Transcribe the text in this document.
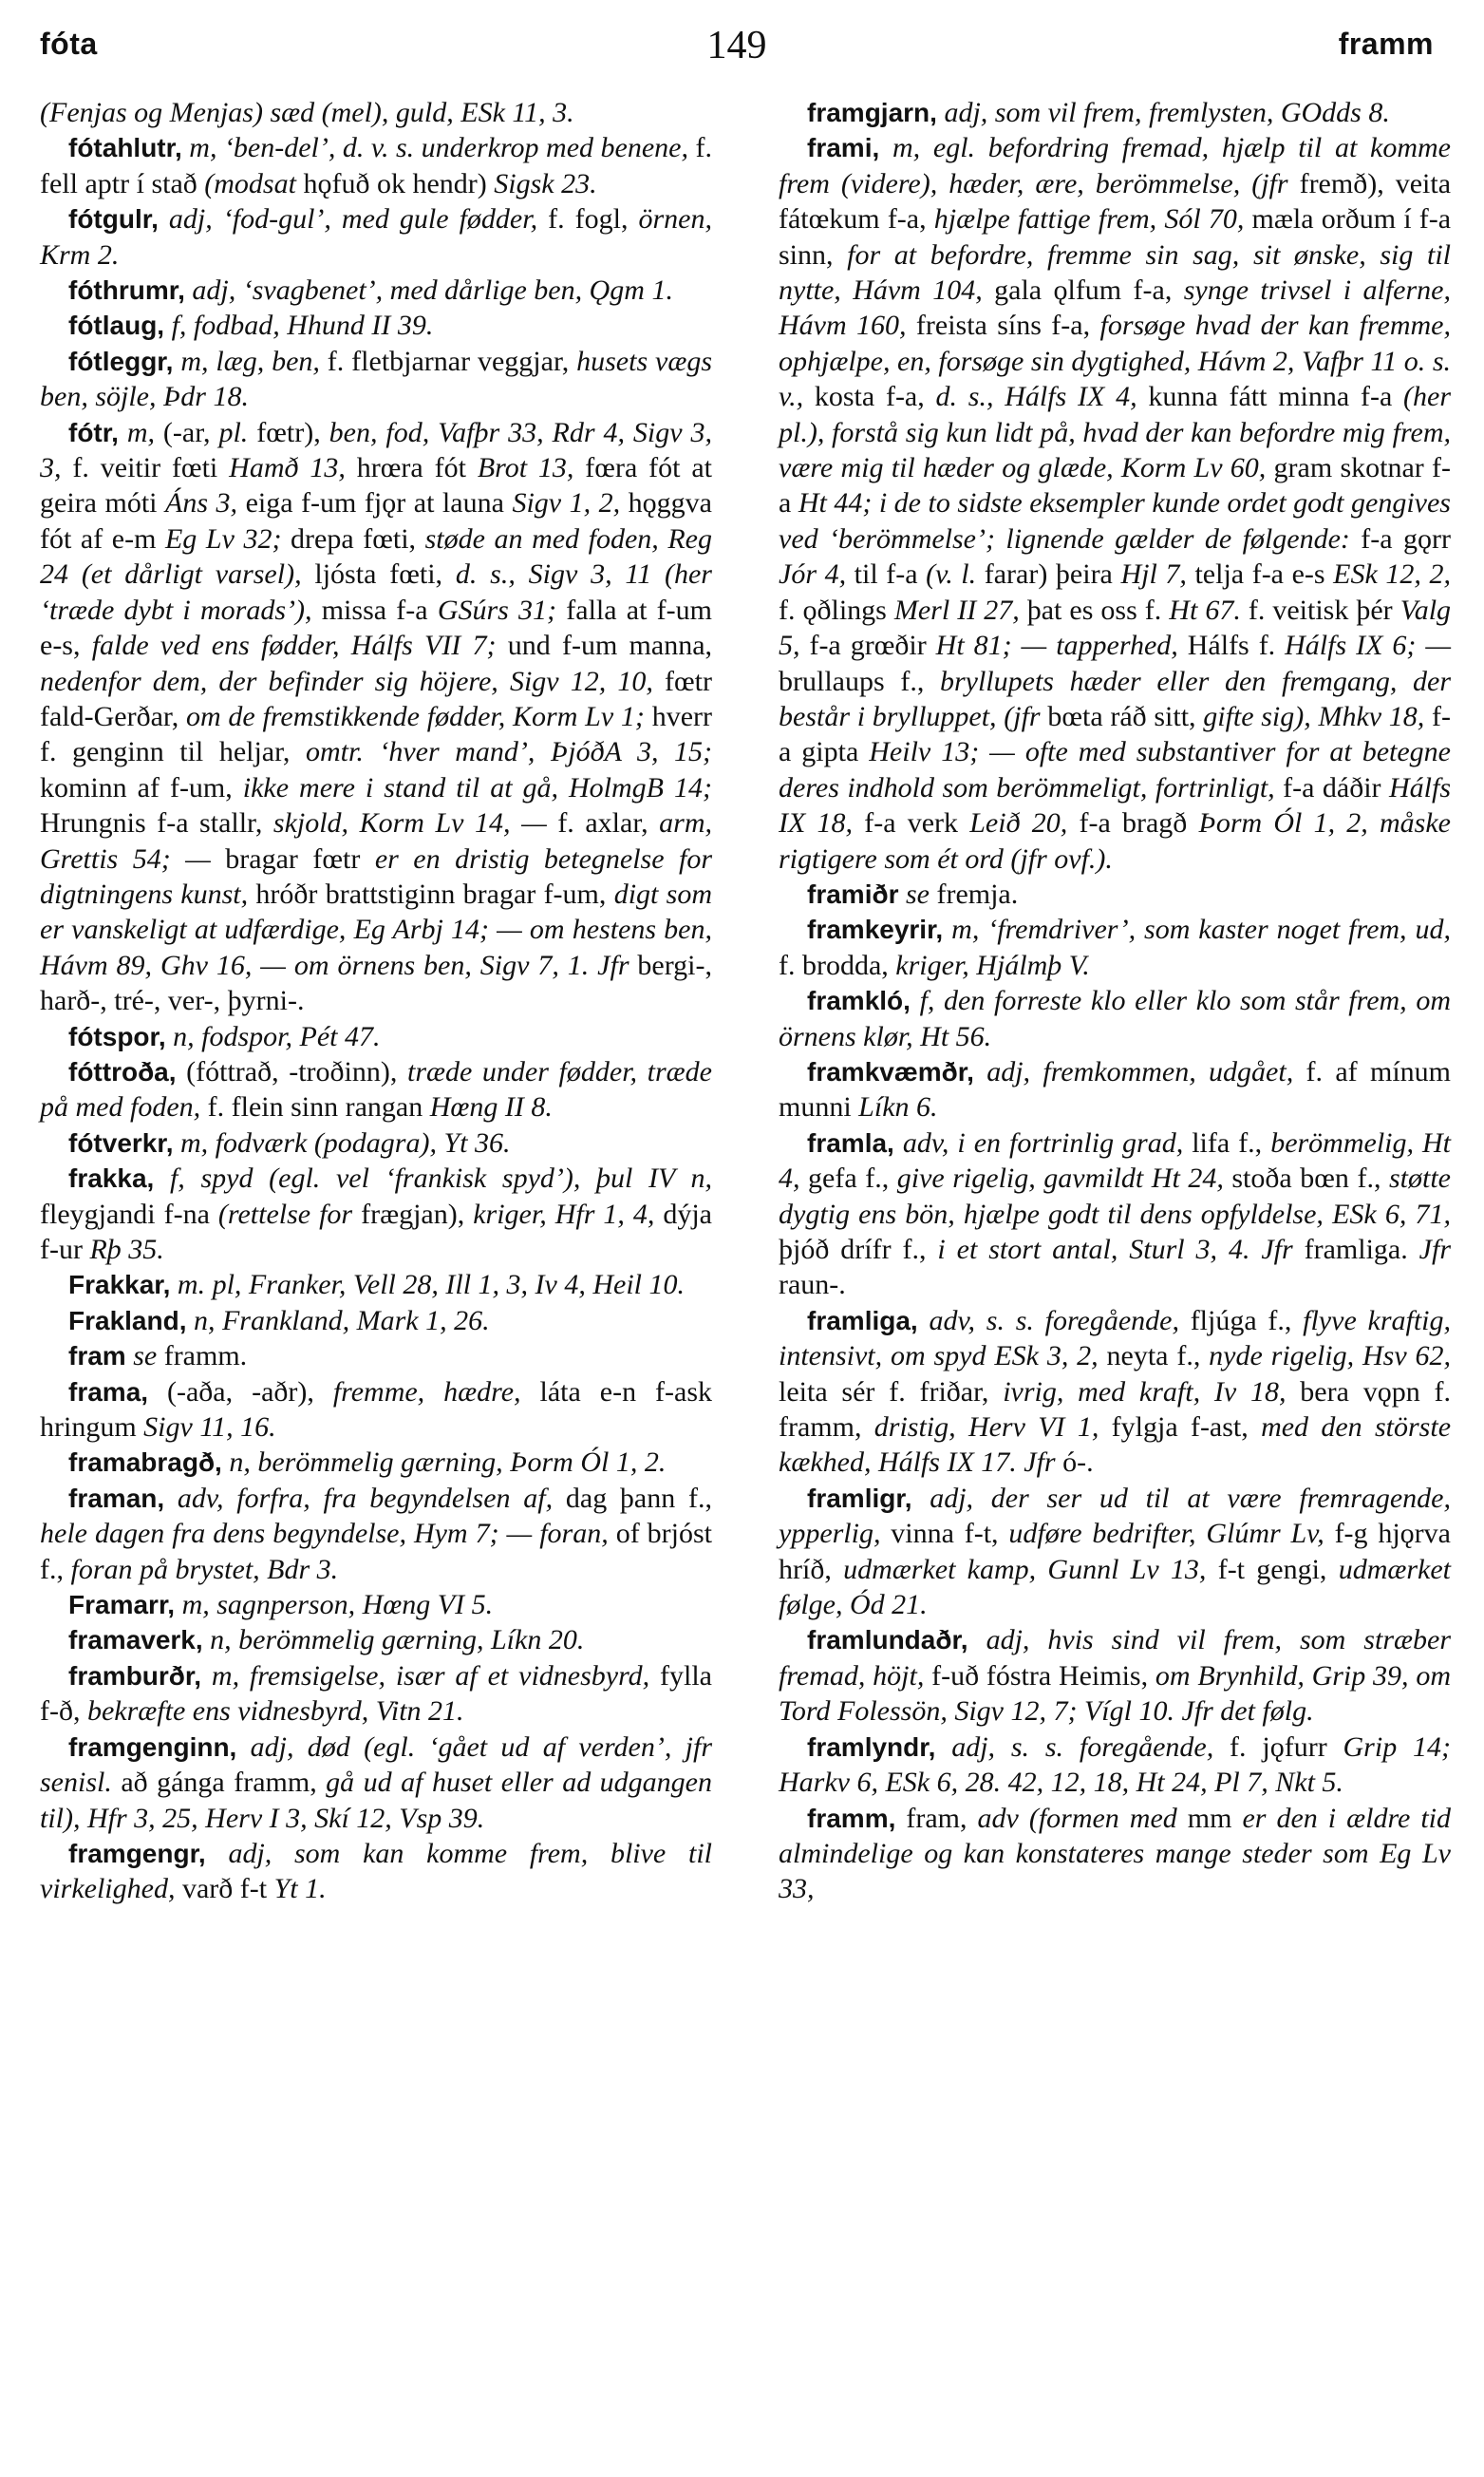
fóta	149	framm

(Fenjas og Menjas) sæd (mel), guld, ESk 11, 3.

fótahlutr, m, ‘ben-del’, d. v. s. underkrop med benene, f. fell aptr í stað (modsat hǫfuð ok hendr) Sigsk 23.

fótgulr, adj, ‘fod-gul’, med gule fødder, f. fogl, örnen, Krm 2.

fóthrumr, adj, ‘svagbenet’, med dårlige ben, Ǫgm 1.

fótlaug, f, fodbad, Hhund II 39.

fótleggr, m, læg, ben, f. fletbjarnar veggjar, husets vægs ben, söjle, Þdr 18.

fótr, m, (-ar, pl. fœtr), ben, fod, Vafþr 33, Rdr 4, Sigv 3, 3, f. veitir fœti Hamð 13, hrœra fót Brot 13, fœra fót at geira móti Áns 3, eiga f-um fjǫr at launa Sigv 1, 2, hǫggva fót af e-m Eg Lv 32; drepa fœti, støde an med foden, Reg 24 (et dårligt varsel), ljósta fœti, d. s., Sigv 3, 11 (her ‘træde dybt i morads’), missa f-a GSúrs 31; falla at f-um e-s, falde ved ens fødder, Hálfs VII 7; und f-um manna, nedenfor dem, der befinder sig höjere, Sigv 12, 10, fœtr fald-Gerðar, om de fremstikkende fødder, Korm Lv 1; hverr f. genginn til heljar, omtr. ‘hver mand’, ÞjóðA 3, 15; kominn af f-um, ikke mere i stand til at gå, HolmgB 14; Hrungnis f-a stallr, skjold, Korm Lv 14, — f. axlar, arm, Grettis 54; — bragar fœtr er en dristig betegnelse for digtningens kunst, hróðr brattstiginn bragar f-um, digt som er vanskeligt at udfærdige, Eg Arbj 14; — om hestens ben, Hávm 89, Ghv 16, — om örnens ben, Sigv 7, 1. Jfr bergi-, harð-, tré-, ver-, þyrni-.

fótspor, n, fodspor, Pét 47.

fóttroða, (fóttrað, -troðinn), træde under fødder, træde på med foden, f. flein sinn rangan Hœng II 8.

fótverkr, m, fodværk (podagra), Yt 36.

frakka, f, spyd (egl. vel ‘frankisk spyd’), þul IV n, fleygjandi f-na (rettelse for frægjan), kriger, Hfr 1, 4, dýja f-ur Rþ 35.

Frakkar, m. pl, Franker, Vell 28, Ill 1, 3, Iv 4, Heil 10.

Frakland, n, Frankland, Mark 1, 26.

fram se framm.

frama, (-aða, -aðr), fremme, hædre, láta e-n f-ask hringum Sigv 11, 16.

framabragð, n, berömmelig gærning, Þorm Ól 1, 2.

framan, adv, forfra, fra begyndelsen af, dag þann f., hele dagen fra dens begyndelse, Hym 7; — foran, of brjóst f., foran på brystet, Bdr 3.

Framarr, m, sagnperson, Hœng VI 5.

framaverk, n, berömmelig gærning, Líkn 20.

framburðr, m, fremsigelse, især af et vidnesbyrd, fylla f-ð, bekræfte ens vidnesbyrd, Vitn 21.

framgenginn, adj, død (egl. ‘gået ud af verden’, jfr senisl. að gánga framm, gå ud af huset eller ad udgangen til), Hfr 3, 25, Herv I 3, Skí 12, Vsp 39.

framgengr, adj, som kan komme frem, blive til virkelighed, varð f-t Yt 1.

framgjarn, adj, som vil frem, fremlysten, GOdds 8.

frami, m, egl. befordring fremad, hjælp til at komme frem (videre), hæder, ære, berömmelse, (jfr fremð), veita fátœkum f-a, hjælpe fattige frem, Sól 70, mæla orðum í f-a sinn, for at befordre, fremme sin sag, sit ønske, sig til nytte, Hávm 104, gala ǫlfum f-a, synge trivsel i alferne, Hávm 160, freista síns f-a, forsøge hvad der kan fremme, ophjælpe, en, forsøge sin dygtighed, Hávm 2, Vafþr 11 o. s. v., kosta f-a, d. s., Hálfs IX 4, kunna fátt minna f-a (her pl.), forstå sig kun lidt på, hvad der kan befordre mig frem, være mig til hæder og glæde, Korm Lv 60, gram skotnar f-a Ht 44; i de to sidste eksempler kunde ordet godt gengives ved ‘berömmelse’; lignende gælder de følgende: f-a gǫrr Jór 4, til f-a (v. l. farar) þeira Hjl 7, telja f-a e-s ESk 12, 2, f. ǫðlings Merl II 27, þat es oss f. Ht 67. f. veitisk þér Valg 5, f-a grœðir Ht 81; — tapperhed, Hálfs f. Hálfs IX 6; — brullaups f., bryllupets hæder eller den fremgang, der består i brylluppet, (jfr bœta ráð sitt, gifte sig), Mhkv 18, f-a gipta Heilv 13; — ofte med substantiver for at betegne deres indhold som berömmeligt, fortrinligt, f-a dáðir Hálfs IX 18, f-a verk Leið 20, f-a bragð Þorm Ól 1, 2, måske rigtigere som ét ord (jfr ovf.).

framiðr se fremja.

framkeyrir, m, ‘fremdriver’, som kaster noget frem, ud, f. brodda, kriger, Hjálmþ V.

framkló, f, den forreste klo eller klo som står frem, om örnens klør, Ht 56.

framkvæmðr, adj, fremkommen, udgået, f. af mínum munni Líkn 6.

framla, adv, i en fortrinlig grad, lifa f., berömmelig, Ht 4, gefa f., give rigelig, gavmildt Ht 24, stoða bœn f., støtte dygtig ens bön, hjælpe godt til dens opfyldelse, ESk 6, 71, þjóð drífr f., i et stort antal, Sturl 3, 4. Jfr framliga. Jfr raun-.

framliga, adv, s. s. foregående, fljúga f., flyve kraftig, intensivt, om spyd ESk 3, 2, neyta f., nyde rigelig, Hsv 62, leita sér f. friðar, ivrig, med kraft, Iv 18, bera vǫpn f. framm, dristig, Herv VI 1, fylgja f-ast, med den störste kækhed, Hálfs IX 17. Jfr ó-.

framligr, adj, der ser ud til at være fremragende, ypperlig, vinna f-t, udføre bedrifter, Glúmr Lv, f-g hjǫrva hríð, udmærket kamp, Gunnl Lv 13, f-t gengi, udmærket følge, Ód 21.

framlundaðr, adj, hvis sind vil frem, som stræber fremad, höjt, f-uð fóstra Heimis, om Brynhild, Grip 39, om Tord Folessön, Sigv 12, 7; Vígl 10. Jfr det følg.

framlyndr, adj, s. s. foregående, f. jǫfurr Grip 14; Harkv 6, ESk 6, 28. 42, 12, 18, Ht 24, Pl 7, Nkt 5.

framm, fram, adv (formen med mm er den i ældre tid almindelige og kan konstateres mange steder som Eg Lv 33,
